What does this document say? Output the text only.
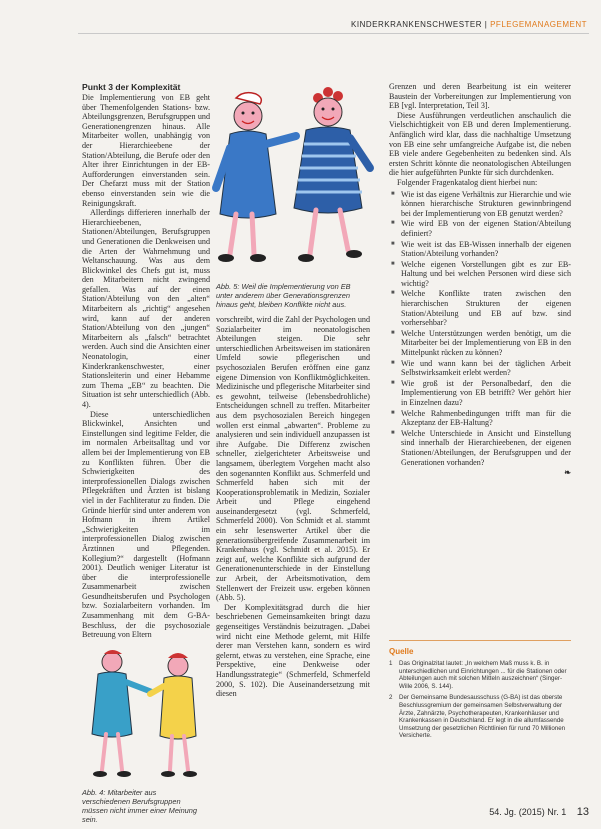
KINDERKRANKENSCHWESTER | PFLEGEMANAGEMENT
Punkt 3 der Komplexität

Die Implementierung von EB geht über Themenfolgenden Stations- bzw. Abteilungsgrenzen, Berufsgruppen und Generationengrenzen hinaus. Alle Mitarbeiter wollen, unabhängig von der Hierarchieebene der Station/Abteilung, die Berufe oder den Alter ihrer Einrichtungen in der EB-Aufforderungen einverstanden sein. Der Chefarzt muss mit der Station ebenso einverstanden sein wie die Reinigungskraft.

Allerdings differieren innerhalb der Hierarchieebenen, Stationen/Abteilungen, Berufsgruppen und Generationen die Denkweisen und die Arten der Wahrnehmung und Weltanschauung. Was aus dem Blickwinkel des Chefs gut ist, muss den Mitarbeitern nicht zwingend gefallen. Was auf der einen Station/Abteilung von den „alten“ Mitarbeitern als „richtig“ angesehen wird, kann auf der anderen Station/Abteilung von den „jungen“ Mitarbeitern als „falsch“ betrachtet werden. Auch sind die Ansichten einer Neonatologin, einer Kinderkrankenschwester, einer Stationsleiterin und einer Hebamme zum Thema „EB“ zu beachten. Die Situation ist sehr unterschiedlich (Abb. 4).

Diese unterschiedlichen Blickwinkel, Ansichten und Einstellungen sind legitime Felder, die im normalen Arbeitsalltag und vor allem bei der Implementierung von EB zu Konflikten führen. Über die Schwierigkeiten des interprofessionellen Dialogs zwischen Pflegekräften und Ärzten ist bislang viel in der Fachliteratur zu finden. Die Gründe hierfür sind unter anderem von Hofmann in ihrem Artikel „Schwierigkeiten im interprofessionellen Dialog zwischen Ärztinnen und Pflegenden. Kollegium?“ dargestellt (Hofmann 2001). Deutlich weniger Literatur ist über die interprofessionelle Zusammenarbeit zwischen Gesundheitsberufen und Psychologen bzw. Sozialarbeitern vorhanden. Im Zusammenhang mit dem G-BA-Beschluss, der die psychosoziale Betreuung von Eltern

Abb. 5: Weil die Implementierung von EB unter anderem über Generationsgrenzen hinaus geht, bleiben Konflikte nicht aus.

vorschreibt, wird die Zahl der Psychologen und Sozialarbeiter im neonatologischen Abteilungen steigen. Die sehr unterschiedlichen Arbeitsweisen im stationären Umfeld sowie pflegerischen und psychosozialen Berufen eröffnen eine ganz eigene Dimension von Konfliktmöglichkeiten. Medizinische und pflegerische Mitarbeiter sind es gewohnt, teilweise (lebensbedrohliche) Entscheidungen schnell zu treffen. Mitarbeiter aus dem psychosozialen Bereich hingegen wollen erst einmal „abwarten“. Probleme zu analysieren und sein individuell anzupassen ist ihre Aufgabe. Die Differenz zwischen schneller, zielgerichteter Arbeitsweise und langsamem, überlegtem Vorgehen macht also den sogenannten Konflikt aus. Schmerfeld und Schmerfeld haben sich mit der Kooperationsproblematik in Medizin, Sozialer Arbeit und Pflege eingehend auseinandergesetzt (vgl. Schmerfeld, Schmerfeld 2000). Von Schmidt et al. stammt ein sehr lesenswerter Artikel über die generationsübergreifende Zusammenarbeit im Krankenhaus (vgl. Schmidt et al. 2015). Er zeigt auf, welche Konflikte sich aufgrund der Generationenunterschiede in der Einstellung zur Arbeit, der Arbeitsmotivation, dem Stellenwert der Freizeit usw. ergeben können (Abb. 5).

Der Komplexitätsgrad durch die hier beschriebenen Gemeinsamkeiten bringt dazu gegenseitiges Verständnis beizutragen. „Dabei wird nicht eine Methode gelernt, mit Hilfe derer man Verstehen kann, sondern es wird gelernt, etwas zu verstehen, eine Sprache, eine Perspektive, eine Denkweise oder Handlungsstrategie“ (Schmerfeld, Schmerfeld 2000, S. 102). Die Auseinandersetzung mit diesen

Grenzen und deren Bearbeitung ist ein weiterer Baustein der Vorbereitungen zur Implementierung von EB [vgl. Interpretation, Teil 3].

Diese Ausführungen verdeutlichen anschaulich die Vielschichtigkeit von EB und deren Implementierung. Anfänglich wird klar, dass die nachhaltige Umsetzung von EB eine sehr umfangreiche Aufgabe ist, die neben EB viele andere Gegebenheiten zu bedenken sind. Als ersten Schritt könnte die neonatologischen Abteilungen die hier aufgeführten Punkte für sich durchdenken.

Folgender Fragenkatalog dient hierbei nun:

■ Wie ist das eigene Verhältnis zur Hierarchie und wie können hierarchische Strukturen gewinnbringend bei der Implementierung von EB genutzt werden?
■ Wie wird EB von der eigenen Station/Abteilung definiert?
■ Wie weit ist das EB-Wissen innerhalb der eigenen Station/Abteilung vorhanden?
■ Welche eigenen Vorstellungen gibt es zur EB-Haltung und bei welchen Personen wird diese sich wichtig?
■ Welche Konflikte traten zwischen den hierarchischen Strukturen der eigenen Station/Abteilung und EB auf bzw. sind vorhersehbar?
■ Welche Unterstützungen werden benötigt, um die Mitarbeiter bei der Implementierung von EB in den Mittelpunkt rücken zu können?
■ Wie und wann kann bei der täglichen Arbeit Selbstwirksamkeit erlebt werden?
■ Wie groß ist der Personalbedarf, den die Implementierung von EB betrifft? Wer gehört hier in Einzelnen dazu?
■ Welche Rahmenbedingungen trifft man für die Akzeptanz der EB-Haltung?
■ Welche Unterschiede in Ansicht und Einstellung sind innerhalb der Hierarchieebenen, der eigenen Stationen/Abteilungen, der Berufsgruppen und der Generationen vorhanden?
❧
Abb. 4: Mitarbeiter aus verschiedenen Berufsgruppen müssen nicht immer einer Meinung sein.
Quelle
1 Das Originalzitat lautet: „In welchem Maß muss k. B. in unterschiedlichen und Einrichtungen ... für die Stationen oder Abteilungen auch mit solchen Mitteln auszeichnen“ (Singer-Wille 2006, S. 144).
2 Der Gemeinsame Bundesausschuss (G-BA) ist das oberste Beschlussgremium der gemeinsamen Selbstverwaltung der Ärzte, Zahnärzte, Psychotherapeuten, Krankenhäuser und Krankenkassen in Deutschland. Er legt in die allumfassende Umsetzung der gesetzlichen Richtlinien für rund 70 Millionen Versicherte.
54. Jg. (2015) Nr. 1 13
